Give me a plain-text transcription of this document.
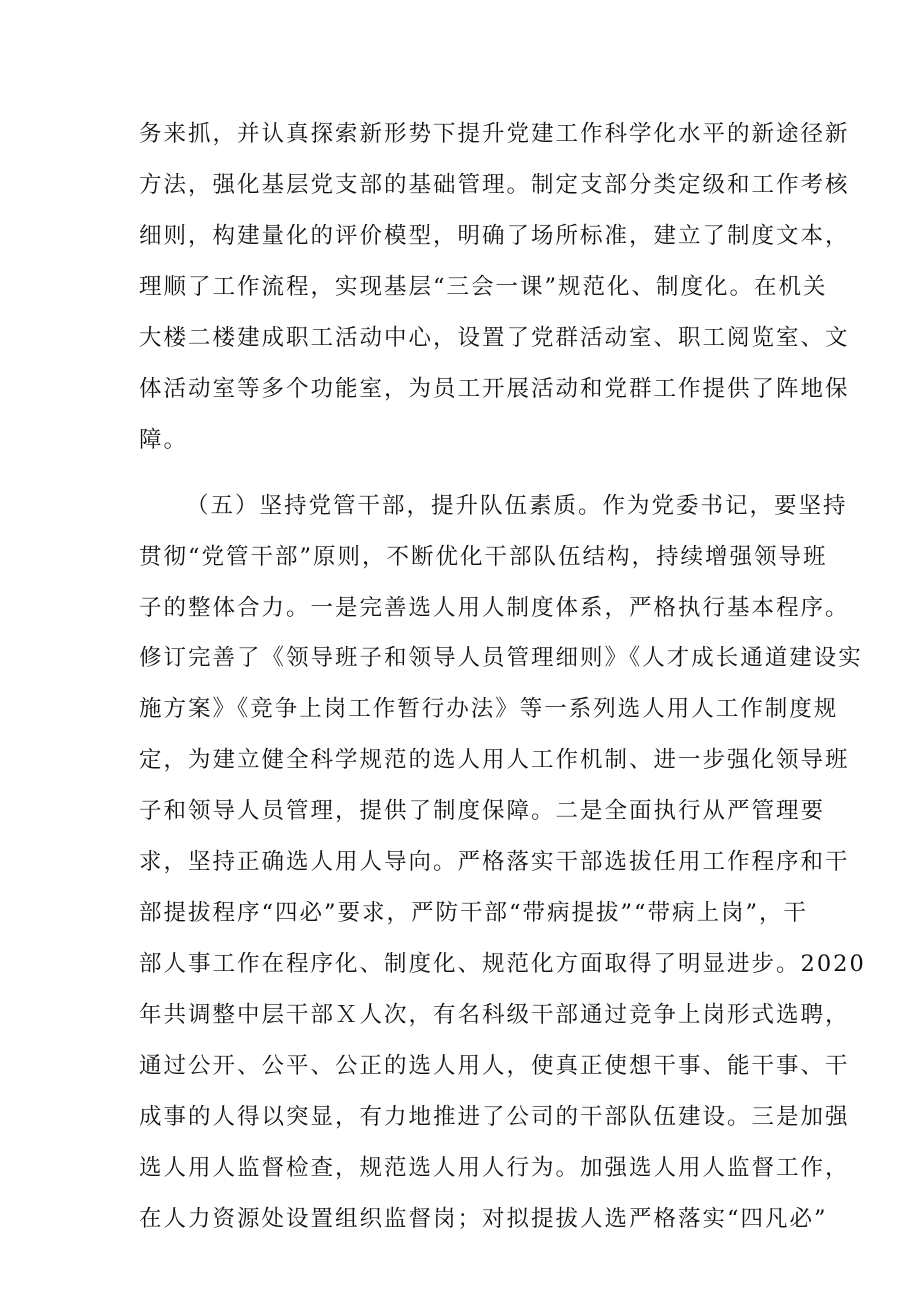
务来抓，并认真探索新形势下提升党建工作科学化水平的新途径新

方法，强化基层党支部的基础管理。制定支部分类定级和工作考核

细则，构建量化的评价模型，明确了场所标准，建立了制度文本，

理顺了工作流程，实现基层“三会一课”规范化、制度化。在机关

大楼二楼建成职工活动中心，设置了党群活动室、职工阅览室、文

体活动室等多个功能室，为员工开展活动和党群工作提供了阵地保

障。

（五）坚持党管干部，提升队伍素质。作为党委书记，要坚持

贯彻“党管干部”原则，不断优化干部队伍结构，持续增强领导班

子的整体合力。一是完善选人用人制度体系，严格执行基本程序。

修订完善了《领导班子和领导人员管理细则》《人才成长通道建设实

施方案》《竞争上岗工作暂行办法》等一系列选人用人工作制度规

定，为建立健全科学规范的选人用人工作机制、进一步强化领导班

子和领导人员管理，提供了制度保障。二是全面执行从严管理要

求，坚持正确选人用人导向。严格落实干部选拔任用工作程序和干

部提拔程序“四必”要求，严防干部“带病提拔”“带病上岗”，干

部人事工作在程序化、制度化、规范化方面取得了明显进步。2020

年共调整中层干部Ｘ人次，有名科级干部通过竞争上岗形式选聘，

通过公开、公平、公正的选人用人，使真正使想干事、能干事、干

成事的人得以突显，有力地推进了公司的干部队伍建设。三是加强

选人用人监督检查，规范选人用人行为。加强选人用人监督工作，

在人力资源处设置组织监督岗；对拟提拔人选严格落实“四凡必”
